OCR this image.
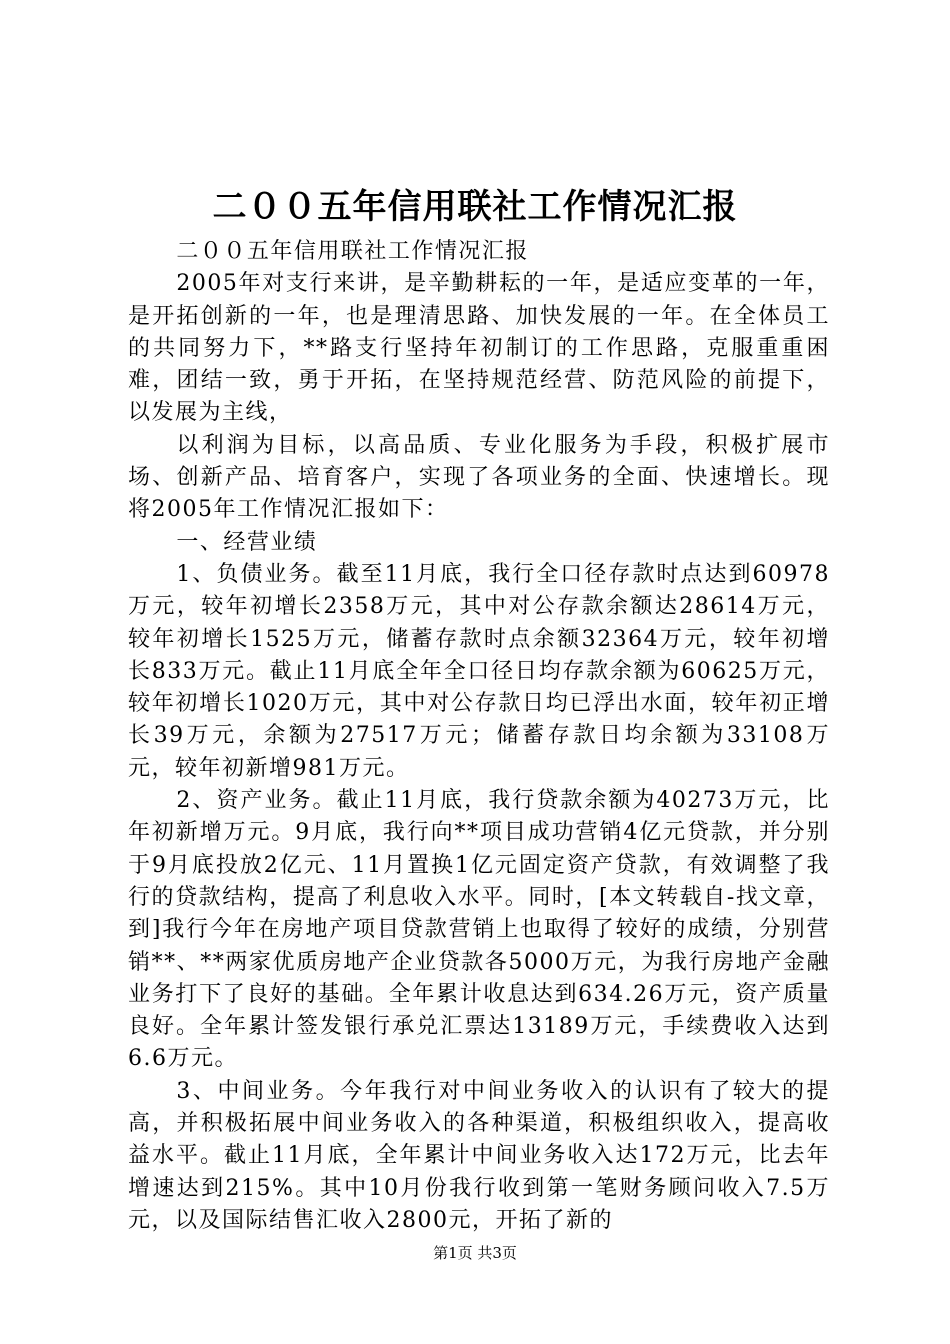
二００五年信用联社工作情况汇报

二００五年信用联社工作情况汇报

2005年对支行来讲，是辛勤耕耘的一年，是适应变革的一年，是开拓创新的一年，也是理清思路、加快发展的一年。在全体员工的共同努力下，**路支行坚持年初制订的工作思路，克服重重困难，团结一致，勇于开拓，在坚持规范经营、防范风险的前提下，以发展为主线，

以利润为目标，以高品质、专业化服务为手段，积极扩展市场、创新产品、培育客户，实现了各项业务的全面、快速增长。现将2005年工作情况汇报如下：

一、经营业绩

1、负债业务。截至11月底，我行全口径存款时点达到60978万元，较年初增长2358万元，其中对公存款余额达28614万元，较年初增长1525万元，储蓄存款时点余额32364万元，较年初增长833万元。截止11月底全年全口径日均存款余额为60625万元，较年初增长1020万元，其中对公存款日均已浮出水面，较年初正增长39万元，余额为27517万元；储蓄存款日均余额为33108万元，较年初新增981万元。

2、资产业务。截止11月底，我行贷款余额为40273万元，比年初新增万元。9月底，我行向**项目成功营销4亿元贷款，并分别于9月底投放2亿元、11月置换1亿元固定资产贷款，有效调整了我行的贷款结构，提高了利息收入水平。同时，[本文转载自-找文章，到]我行今年在房地产项目贷款营销上也取得了较好的成绩，分别营销**、**两家优质房地产企业贷款各5000万元，为我行房地产金融业务打下了良好的基础。全年累计收息达到634.26万元，资产质量良好。全年累计签发银行承兑汇票达13189万元，手续费收入达到6.6万元。

3、中间业务。今年我行对中间业务收入的认识有了较大的提高，并积极拓展中间业务收入的各种渠道，积极组织收入，提高收益水平。截止11月底，全年累计中间业务收入达172万元，比去年增速达到215%。其中10月份我行收到第一笔财务顾问收入7.5万元，以及国际结售汇收入2800元，开拓了新的

第1页 共3页
